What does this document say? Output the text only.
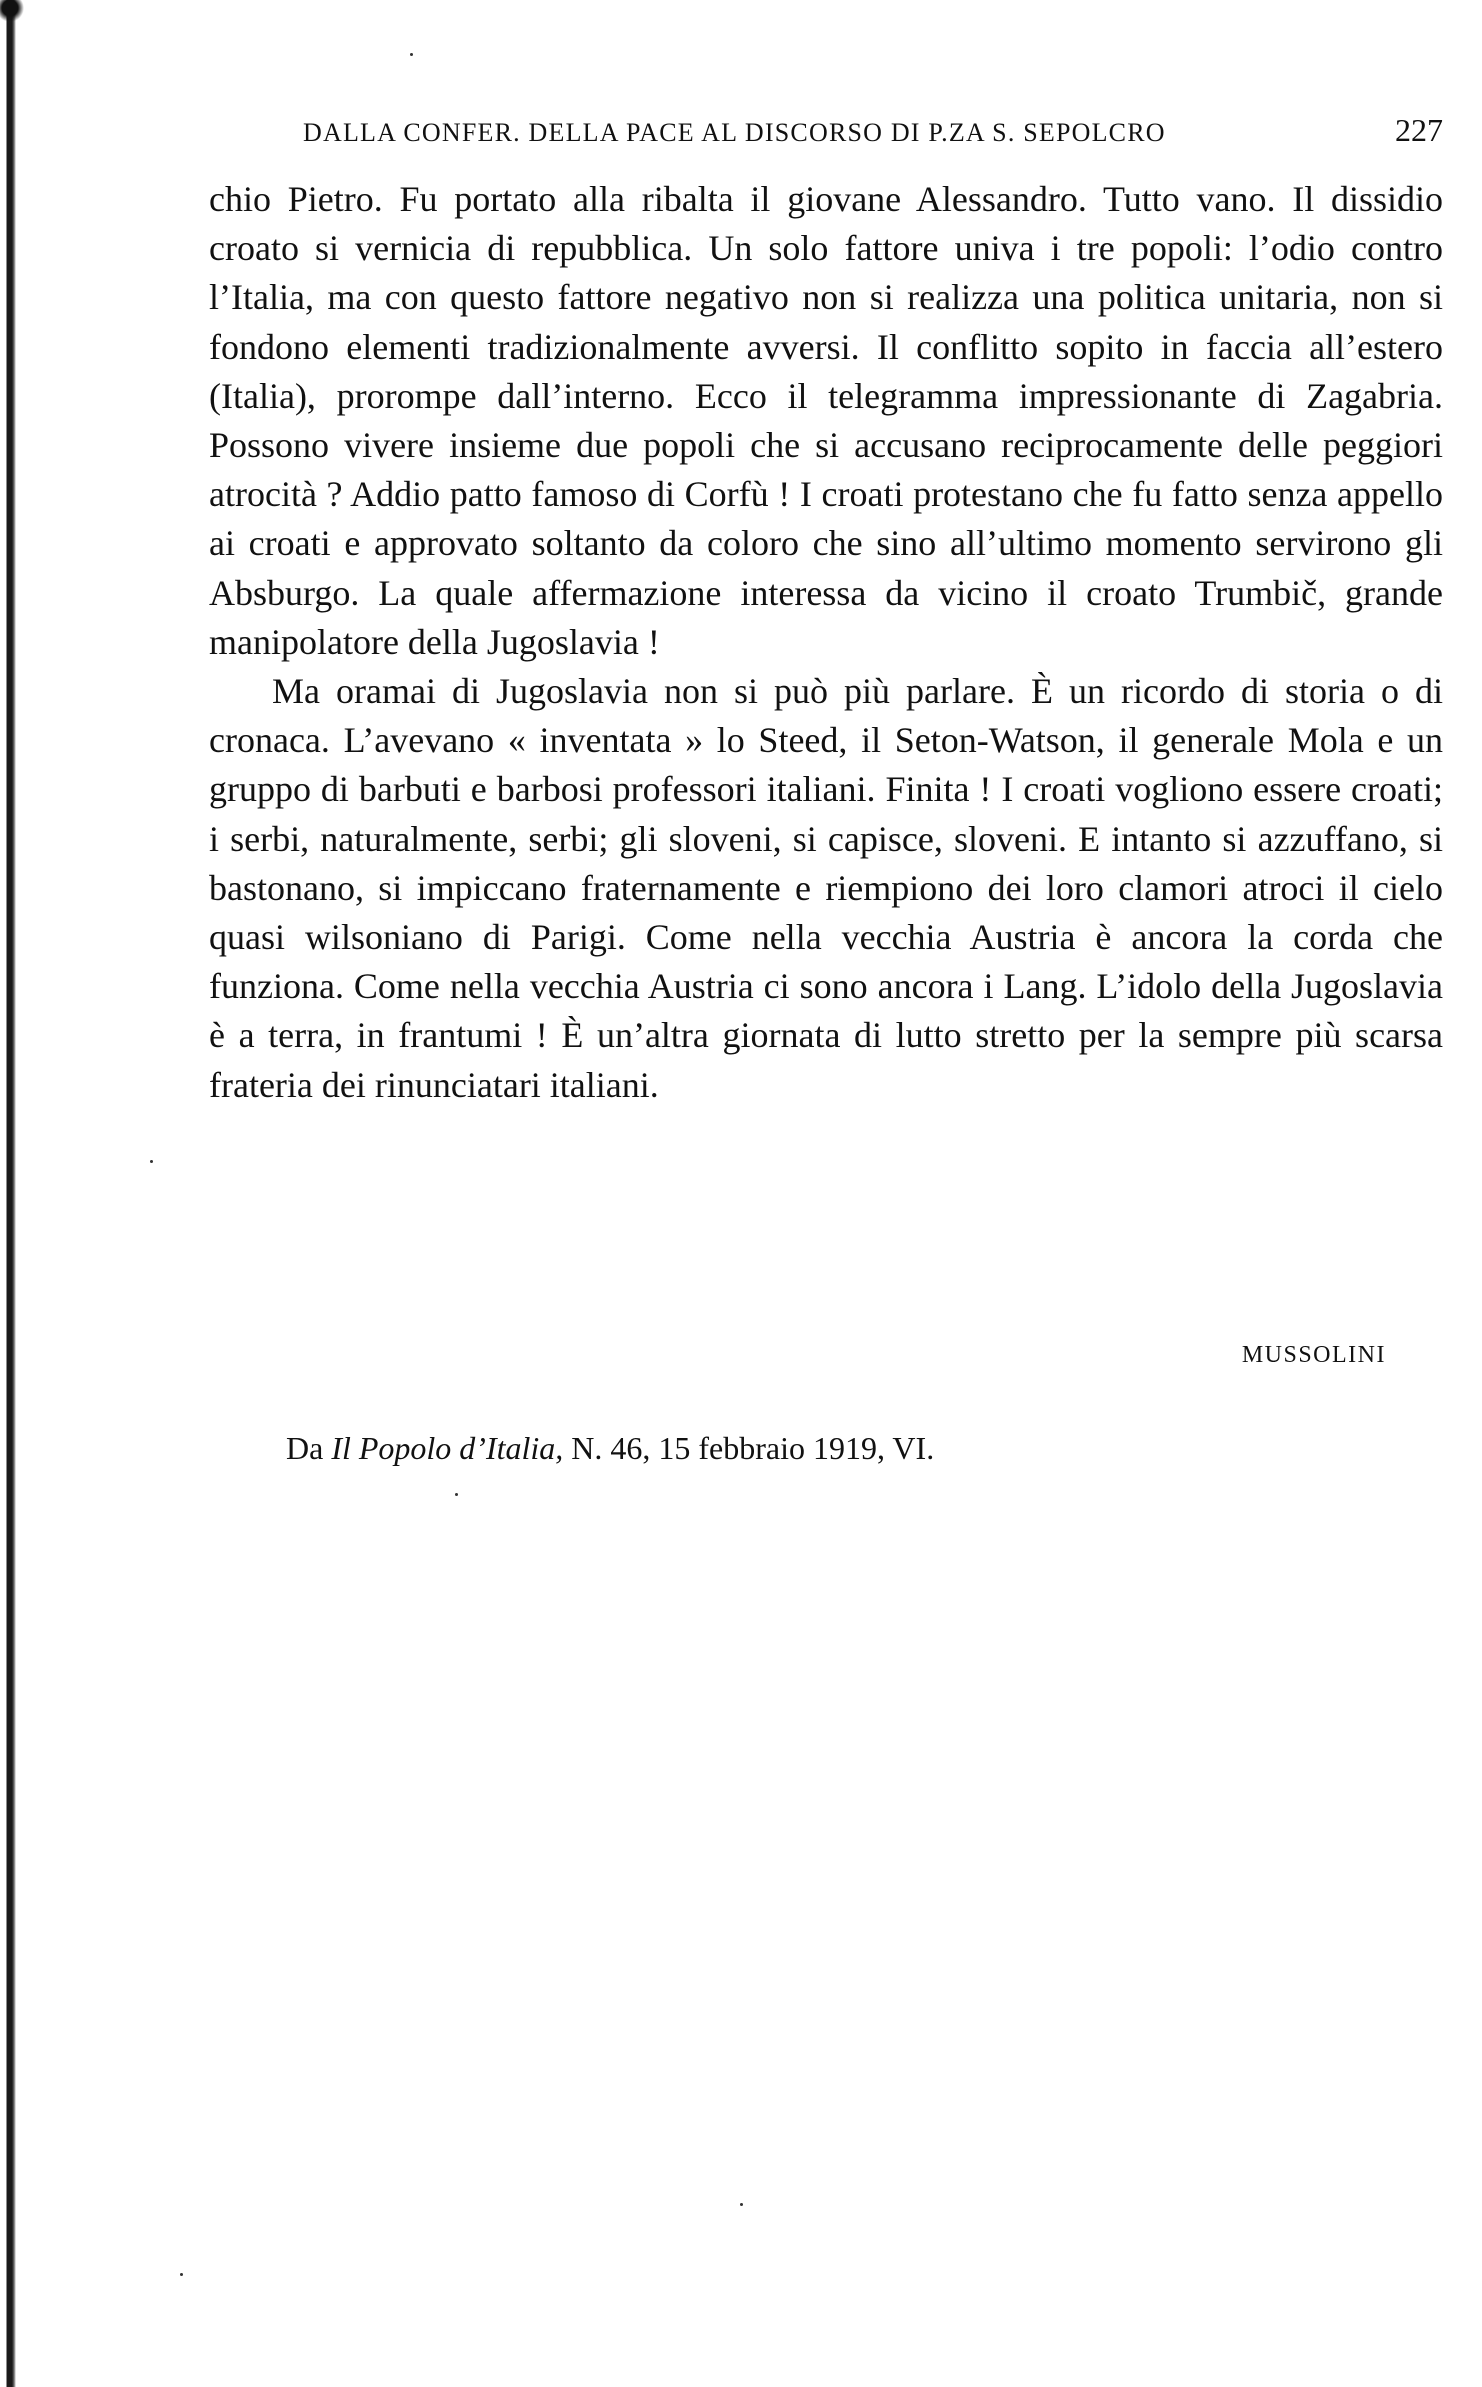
DALLA CONFER. DELLA PACE AL DISCORSO DI P.ZA S. SEPOLCRO	227

chio Pietro. Fu portato alla ribalta il giovane Alessandro. Tutto vano. Il dissidio croato si vernicia di repubblica. Un solo fattore univa i tre popoli: l’odio contro l’Italia, ma con questo fattore negativo non si realizza una politica unitaria, non si fondono elementi tradizionalmente avversi. Il conflitto sopito in faccia all’estero (Italia), prorompe dall’interno. Ecco il telegramma impressionante di Zagabria. Possono vivere insieme due popoli che si accusano reciprocamente delle peggiori atrocità ? Addio patto famoso di Corfù ! I croati protestano che fu fatto senza appello ai croati e approvato soltanto da coloro che sino all’ultimo momento servirono gli Absburgo. La quale affermazione interessa da vicino il croato Trumbič, grande manipolatore della Jugoslavia !

Ma oramai di Jugoslavia non si può più parlare. È un ricordo di storia o di cronaca. L’avevano « inventata » lo Steed, il Seton-Watson, il generale Mola e un gruppo di barbuti e barbosi professori italiani. Finita ! I croati vogliono essere croati; i serbi, naturalmente, serbi; gli sloveni, si capisce, sloveni. E intanto si azzuffano, si bastonano, si impiccano fraternamente e riempiono dei loro clamori atroci il cielo quasi wilsoniano di Parigi. Come nella vecchia Austria è ancora la corda che funziona. Come nella vecchia Austria ci sono ancora i Lang. L’idolo della Jugoslavia è a terra, in frantumi ! È un’altra giornata di lutto stretto per la sempre più scarsa frateria dei rinunciatari italiani.

MUSSOLINI
Da Il Popolo d’Italia, N. 46, 15 febbraio 1919, VI.
